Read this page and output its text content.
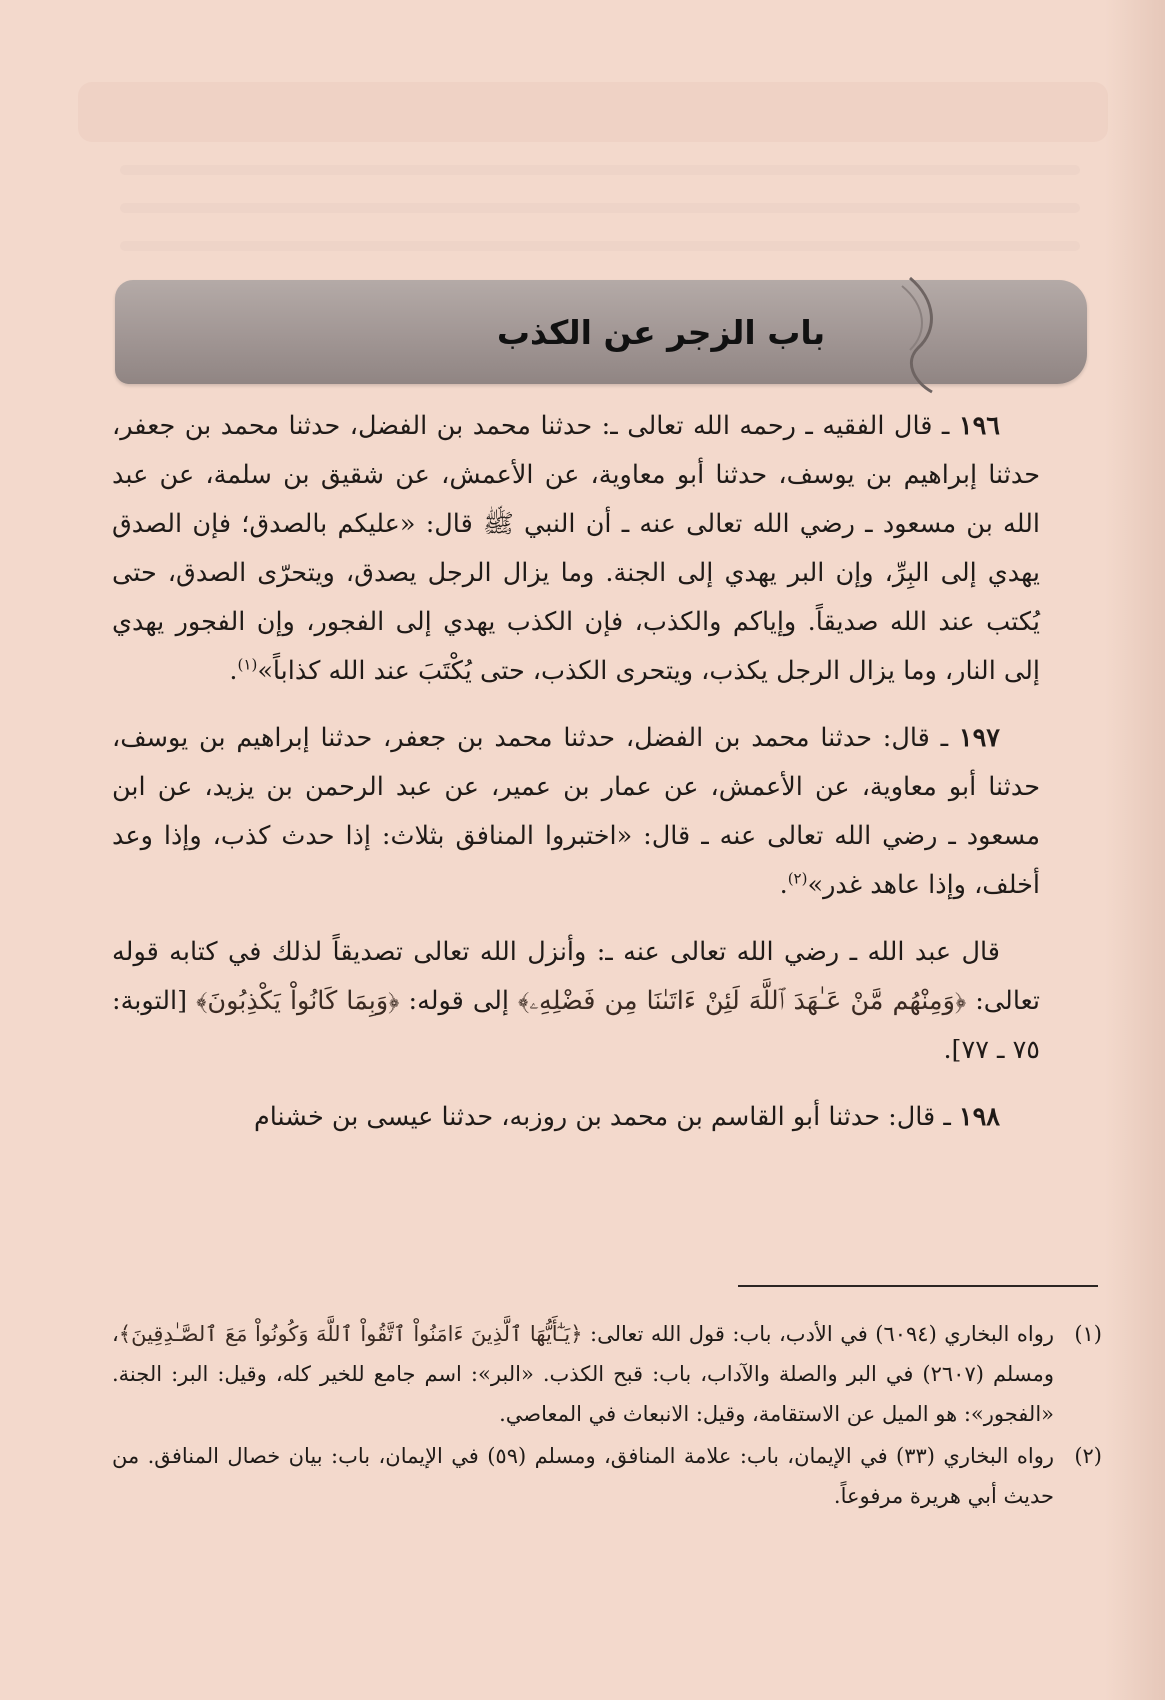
باب الزجر عن الكذب

١٩٦ ـ قال الفقيه ـ رحمه الله تعالى ـ: حدثنا محمد بن الفضل، حدثنا محمد بن جعفر، حدثنا إبراهيم بن يوسف، حدثنا أبو معاوية، عن الأعمش، عن شقيق بن سلمة، عن عبد الله بن مسعود ـ رضي الله تعالى عنه ـ أن النبي ﷺ قال: «عليكم بالصدق؛ فإن الصدق يهدي إلى البِرِّ، وإن البر يهدي إلى الجنة. وما يزال الرجل يصدق، ويتحرّى الصدق، حتى يُكتب عند الله صديقاً. وإياكم والكذب، فإن الكذب يهدي إلى الفجور، وإن الفجور يهدي إلى النار، وما يزال الرجل يكذب، ويتحرى الكذب، حتى يُكْتَبَ عند الله كذاباً»$^{(١)}$.

١٩٧ ـ قال: حدثنا محمد بن الفضل، حدثنا محمد بن جعفر، حدثنا إبراهيم بن يوسف، حدثنا أبو معاوية، عن الأعمش، عن عمار بن عمير، عن عبد الرحمن بن يزيد، عن ابن مسعود ـ رضي الله تعالى عنه ـ قال: «اختبروا المنافق بثلاث: إذا حدث كذب، وإذا وعد أخلف، وإذا عاهد غدر»$^{(٢)}$.

قال عبد الله ـ رضي الله تعالى عنه ـ: وأنزل الله تعالى تصديقاً لذلك في كتابه قوله تعالى: ﴿وَمِنْهُم مَّنْ عَـٰهَدَ ٱللَّهَ لَئِنْ ءَاتَىٰنَا مِن فَضْلِهِۦ﴾ إلى قوله: ﴿وَبِمَا كَانُواْ يَكْذِبُونَ﴾ [التوبة: ٧٥ ـ ٧٧].

١٩٨ ـ قال: حدثنا أبو القاسم بن محمد بن روزبه، حدثنا عيسى بن خشنام

(١)
رواه البخاري (٦٠٩٤) في الأدب، باب: قول الله تعالى: ﴿يَـٰٓأَيُّهَا ٱلَّذِينَ ءَامَنُواْ ٱتَّقُواْ ٱللَّهَ وَكُونُواْ مَعَ ٱلصَّـٰدِقِينَ﴾، ومسلم (٢٦٠٧) في البر والصلة والآداب، باب: قبح الكذب. «البر»: اسم جامع للخير كله، وقيل: البر: الجنة. «الفجور»: هو الميل عن الاستقامة، وقيل: الانبعاث في المعاصي.
(٢)
رواه البخاري (٣٣) في الإيمان، باب: علامة المنافق، ومسلم (٥٩) في الإيمان، باب: بيان خصال المنافق. من حديث أبي هريرة مرفوعاً.
